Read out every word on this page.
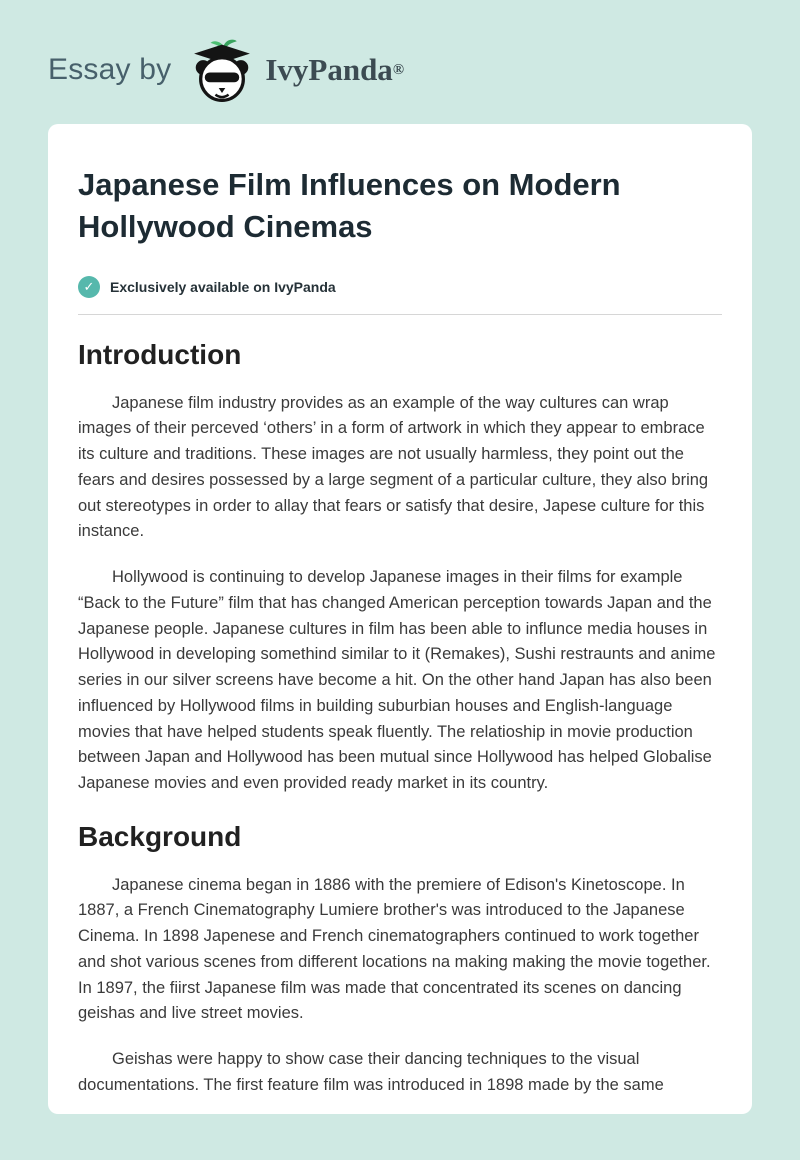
Essay by	IvyPanda ®
Japanese Film Influences on Modern Hollywood Cinemas
✓	Exclusively available on IvyPanda
Introduction

Japanese film industry provides as an example of the way cultures can wrap images of their perceved ‘others’ in a form of artwork in which they appear to embrace its culture and traditions. These images are not usually harmless, they point out the fears and desires possessed by a large segment of a particular culture, they also bring out stereotypes in order to allay that fears or satisfy that desire, Japese culture for this instance.

Hollywood is continuing to develop Japanese images in their films for example “Back to the Future” film that has changed American perception towards Japan and the Japanese people. Japanese cultures in film has been able to influnce media houses in Hollywood in developing somethind similar to it (Remakes), Sushi restraunts and anime series in our silver screens have become a hit. On the other hand Japan has also been influenced by Hollywood films in building suburbian houses and English-language movies that have helped students speak fluently. The relatioship in movie production between Japan and Hollywood has been mutual since Hollywood has helped Globalise Japanese movies and even provided ready market in its country.

Background

Japanese cinema began in 1886 with the premiere of Edison's Kinetoscope. In 1887, a French Cinematography Lumiere brother's was introduced to the Japanese Cinema. In 1898 Japenese and French cinematographers continued to work together and shot various scenes from different locations na making making the movie together. In 1897, the fiirst Japanese film was made that concentrated its scenes on dancing geishas and live street movies.

Geishas were happy to show case their dancing techniques to the visual documentations. The first feature film was introduced in 1898 made by the same
